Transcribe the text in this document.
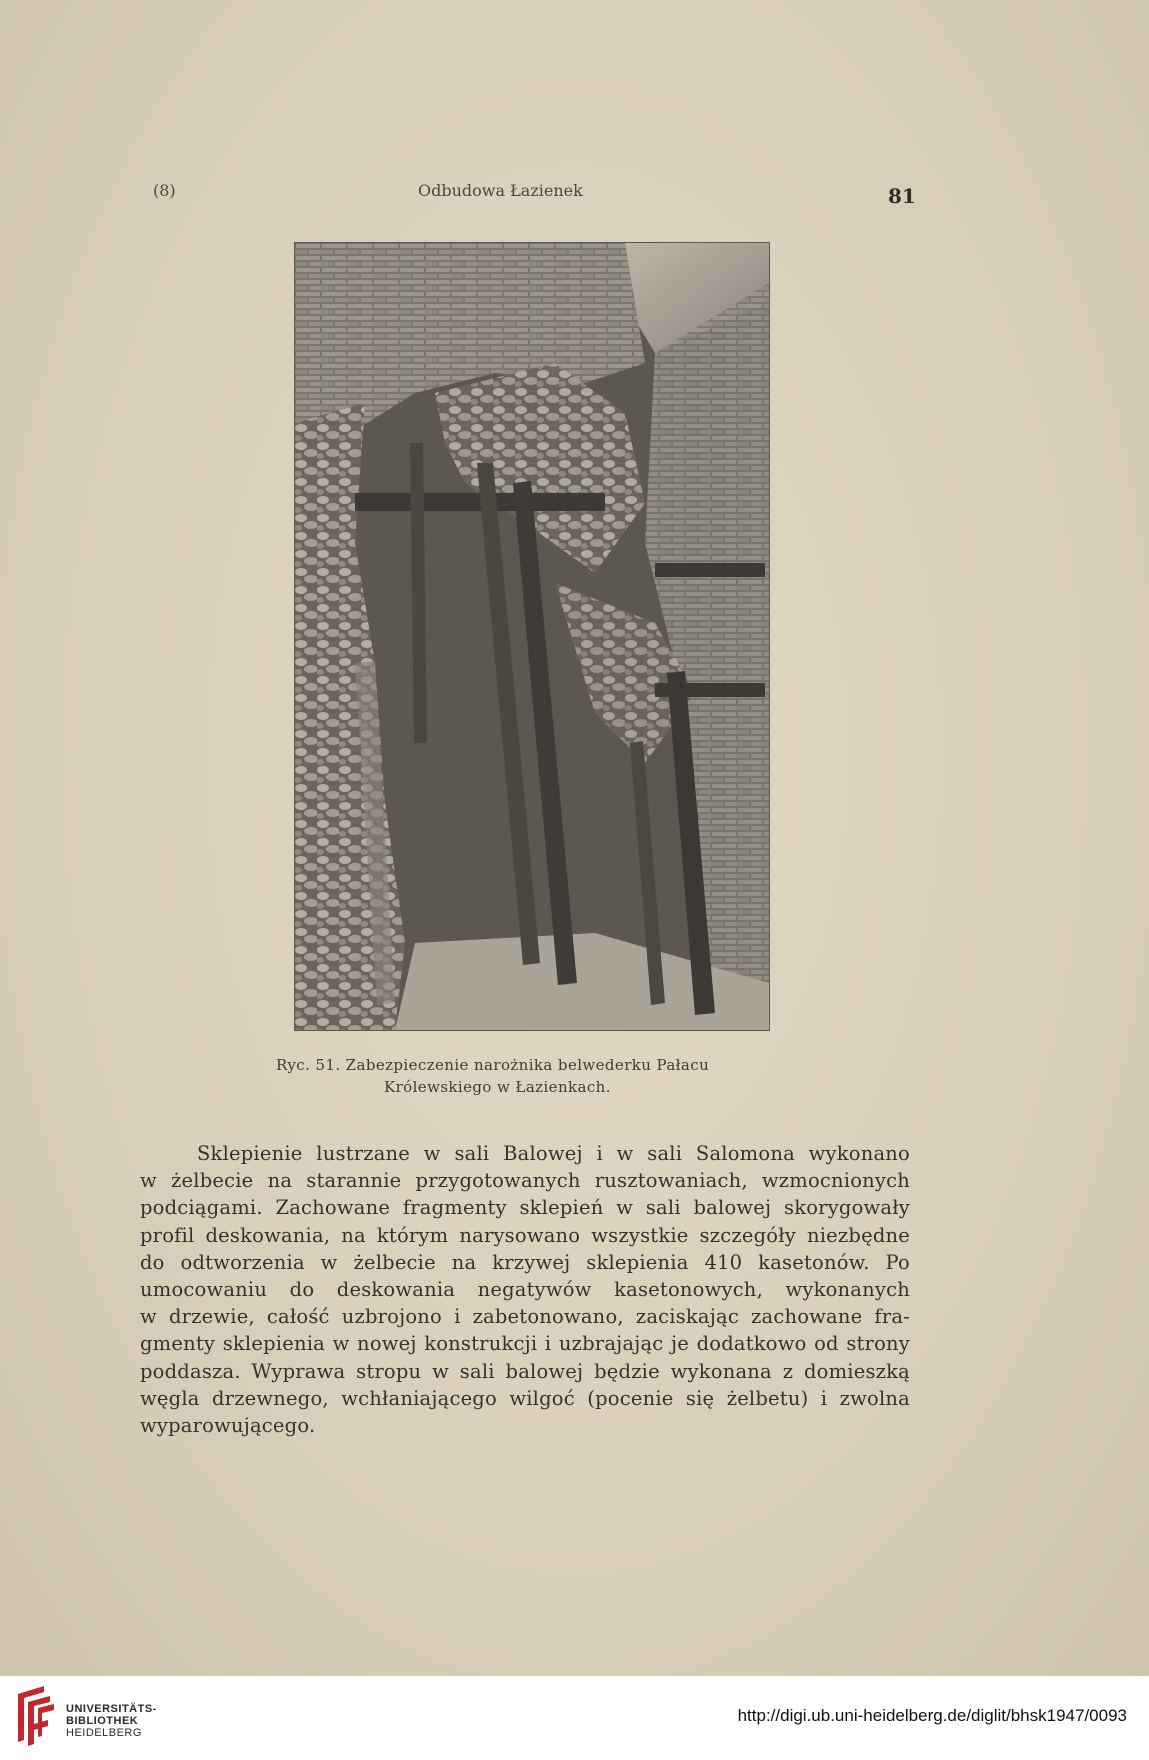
(8)	Odbudowa Łazienek	81
Ryc. 51. Zabezpieczenie narożnika belwederku Pałacu
Królewskiego w Łazienkach.
Sklepienie lustrzane w sali Balowej i w sali Salomona wykonano
w żelbecie na starannie przygotowanych rusztowaniach, wzmocnionych
podciągami. Zachowane fragmenty sklepień w sali balowej skorygowały
profil deskowania, na którym narysowano wszystkie szczegóły niezbędne
do odtworzenia w żelbecie na krzywej sklepienia 410 kasetonów. Po
umocowaniu do deskowania negatywów kasetonowych, wykonanych
w drzewie, całość uzbrojono i zabetonowano, zaciskając zachowane fra-
gmenty sklepienia w nowej konstrukcji i uzbrajając je dodatkowo od strony
poddasza. Wyprawa stropu w sali balowej będzie wykonana z domieszką
węgla drzewnego, wchłaniającego wilgoć (pocenie się żelbetu) i zwolna
wyparowującego.
UNIVERSITÄTS-
BIBLIOTHEK
HEIDELBERG
http://digi.ub.uni-heidelberg.de/diglit/bhsk1947/0093
